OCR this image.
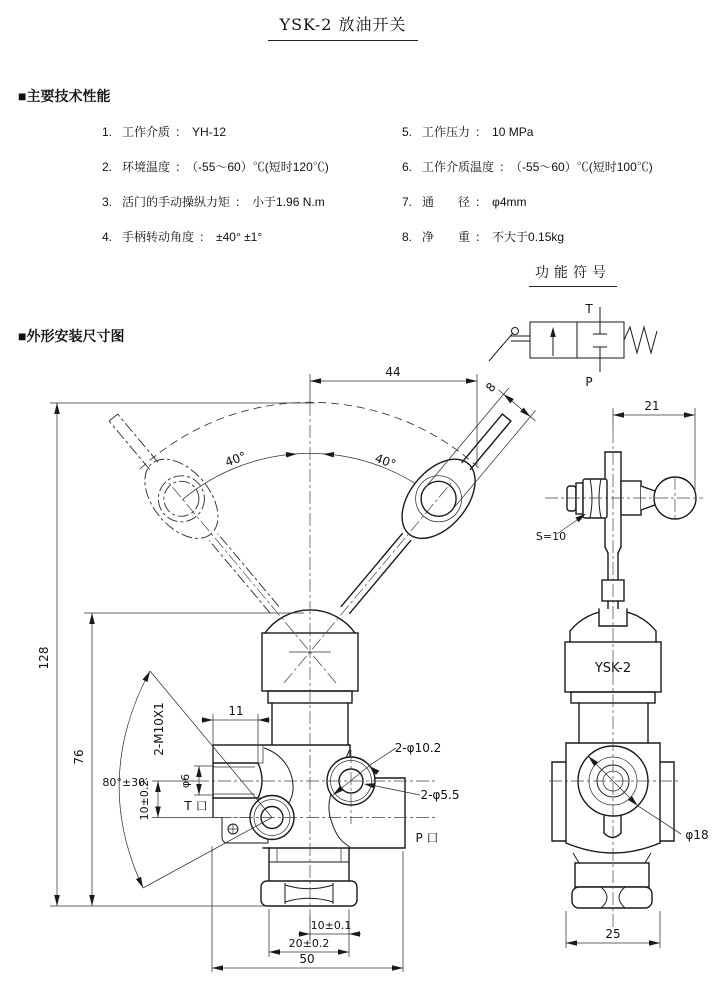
YSK-2 放油开关
■主要技术性能
1. 工作介质 ： YH-12
2. 环境温度 ： （-55～60）℃(短时120℃)
3. 活门的手动操纵力矩 ： 小于1.96 N.m
4. 手柄转动角度 ： ±40° ±1°
5. 工作压力 ： 10 MPa
6. 工作介质温度 ： （-55～60）℃(短时100℃)
7. 通　　径 ： φ4mm
8. 净　　重 ： 不大于0.15kg
功能符号
■外形安装尺寸图
T
P
8
80°±30′
2-φ10.2
2-φ5.5
P 口
T 口
11
2-M10X1
φ6
10±0.2
44
40°	40°
128
76
10±0.1
20±0.2
50
S=10
YSK-2
φ18
21
25
